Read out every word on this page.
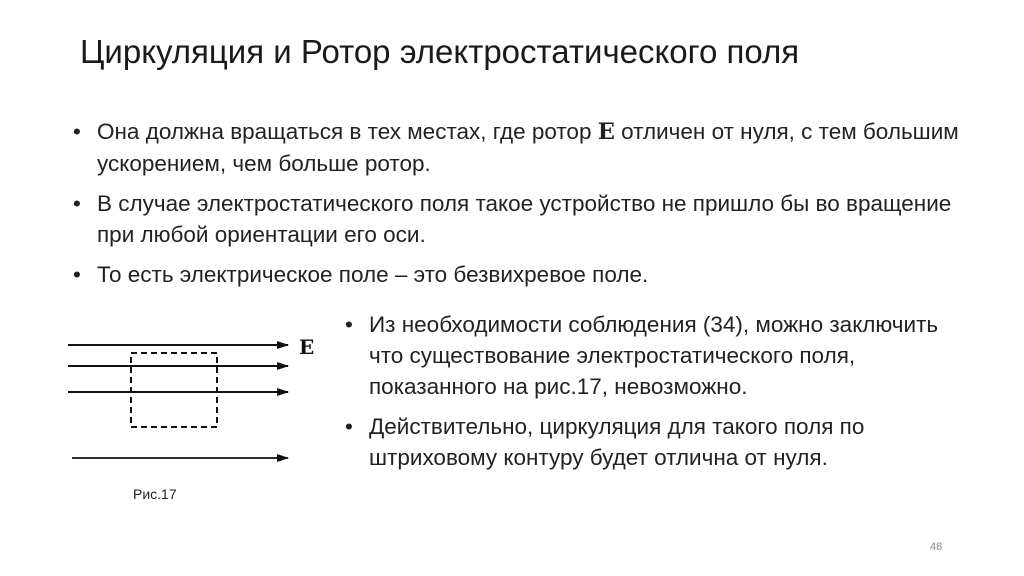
Циркуляция и Ротор электростатического поля
• Она должна вращаться в тех местах, где ротор E отличен от нуля, с тем большим ускорением, чем больше ротор.
• В случае электростатического поля такое устройство не пришло бы во вращение при любой ориентации его оси.
• То есть электрическое поле – это безвихревое поле.
E
Рис.17
• Из необходимости соблюдения (34), можно заключить что существование электростатического поля, показанного на рис.17, невозможно.
• Действительно, циркуляция для такого поля по штриховому контуру будет отлична от нуля.
48
